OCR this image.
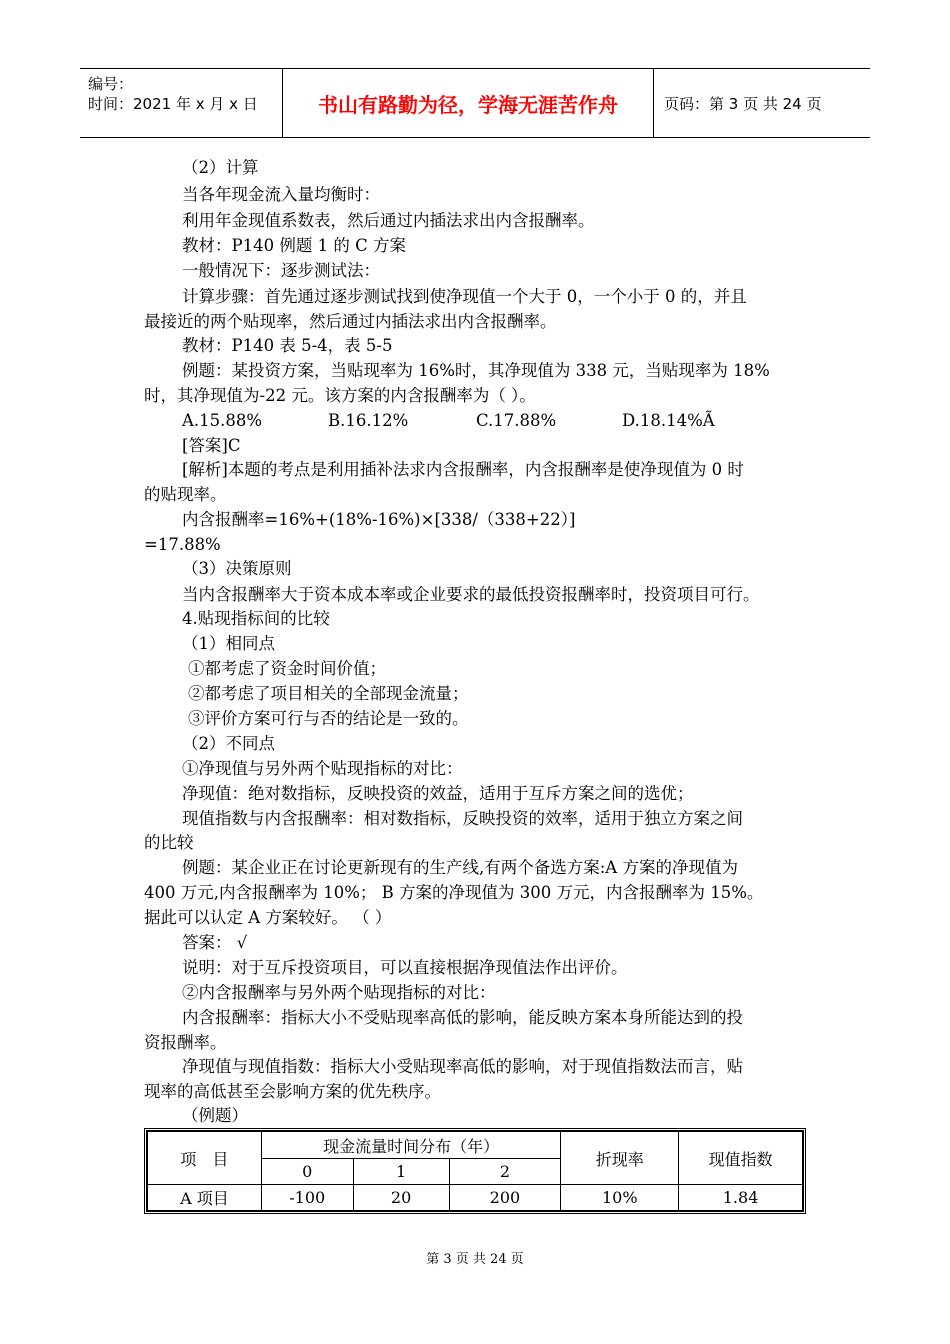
编号：
时间：2021 年 x 月 x 日	书山有路勤为径，学海无涯苦作舟	页码：第 3 页 共 24 页
（2）计算
当各年现金流入量均衡时：
利用年金现值系数表，然后通过内插法求出内含报酬率。
教材：P140 例题 1 的 C 方案
一般情况下：逐步测试法：
计算步骤：首先通过逐步测试找到使净现值一个大于 0，一个小于 0 的，并且
最接近的两个贴现率，然后通过内插法求出内含报酬率。
教材：P140 表 5-4，表 5-5
例题：某投资方案，当贴现率为 16%时，其净现值为 338 元，当贴现率为 18%
时，其净现值为-22 元。该方案的内含报酬率为（ ）。
A.15.88%	B.16.12%	C.17.88%	D.18.14%Ã
[答案]C
[解析]本题的考点是利用插补法求内含报酬率，内含报酬率是使净现值为 0 时
的贴现率。
内含报酬率=16%+(18%-16%)×[338/（338+22）]
=17.88%
（3）决策原则
当内含报酬率大于资本成本率或企业要求的最低投资报酬率时，投资项目可行。
4.贴现指标间的比较
（1）相同点
①都考虑了资金时间价值；
②都考虑了项目相关的全部现金流量；
③评价方案可行与否的结论是一致的。
（2）不同点
①净现值与另外两个贴现指标的对比：
净现值：绝对数指标，反映投资的效益，适用于互斥方案之间的选优；
现值指数与内含报酬率：相对数指标，反映投资的效率，适用于独立方案之间
的比较
例题：某企业正在讨论更新现有的生产线,有两个备选方案:A 方案的净现值为
400 万元,内含报酬率为 10%； B 方案的净现值为 300 万元，内含报酬率为 15%。
据此可以认定 A 方案较好。 （ ）
答案： √
说明：对于互斥投资项目，可以直接根据净现值法作出评价。
②内含报酬率与另外两个贴现指标的对比：
内含报酬率：指标大小不受贴现率高低的影响，能反映方案本身所能达到的投
资报酬率。
净现值与现值指数：指标大小受贴现率高低的影响，对于现值指数法而言，贴
现率的高低甚至会影响方案的优先秩序。
（例题）
项　目	现金流量时间分布（年）			折现率	现值指数
	0	1	2		
A 项目	-100	20	200	10%	1.84
第 3 页 共 24 页
